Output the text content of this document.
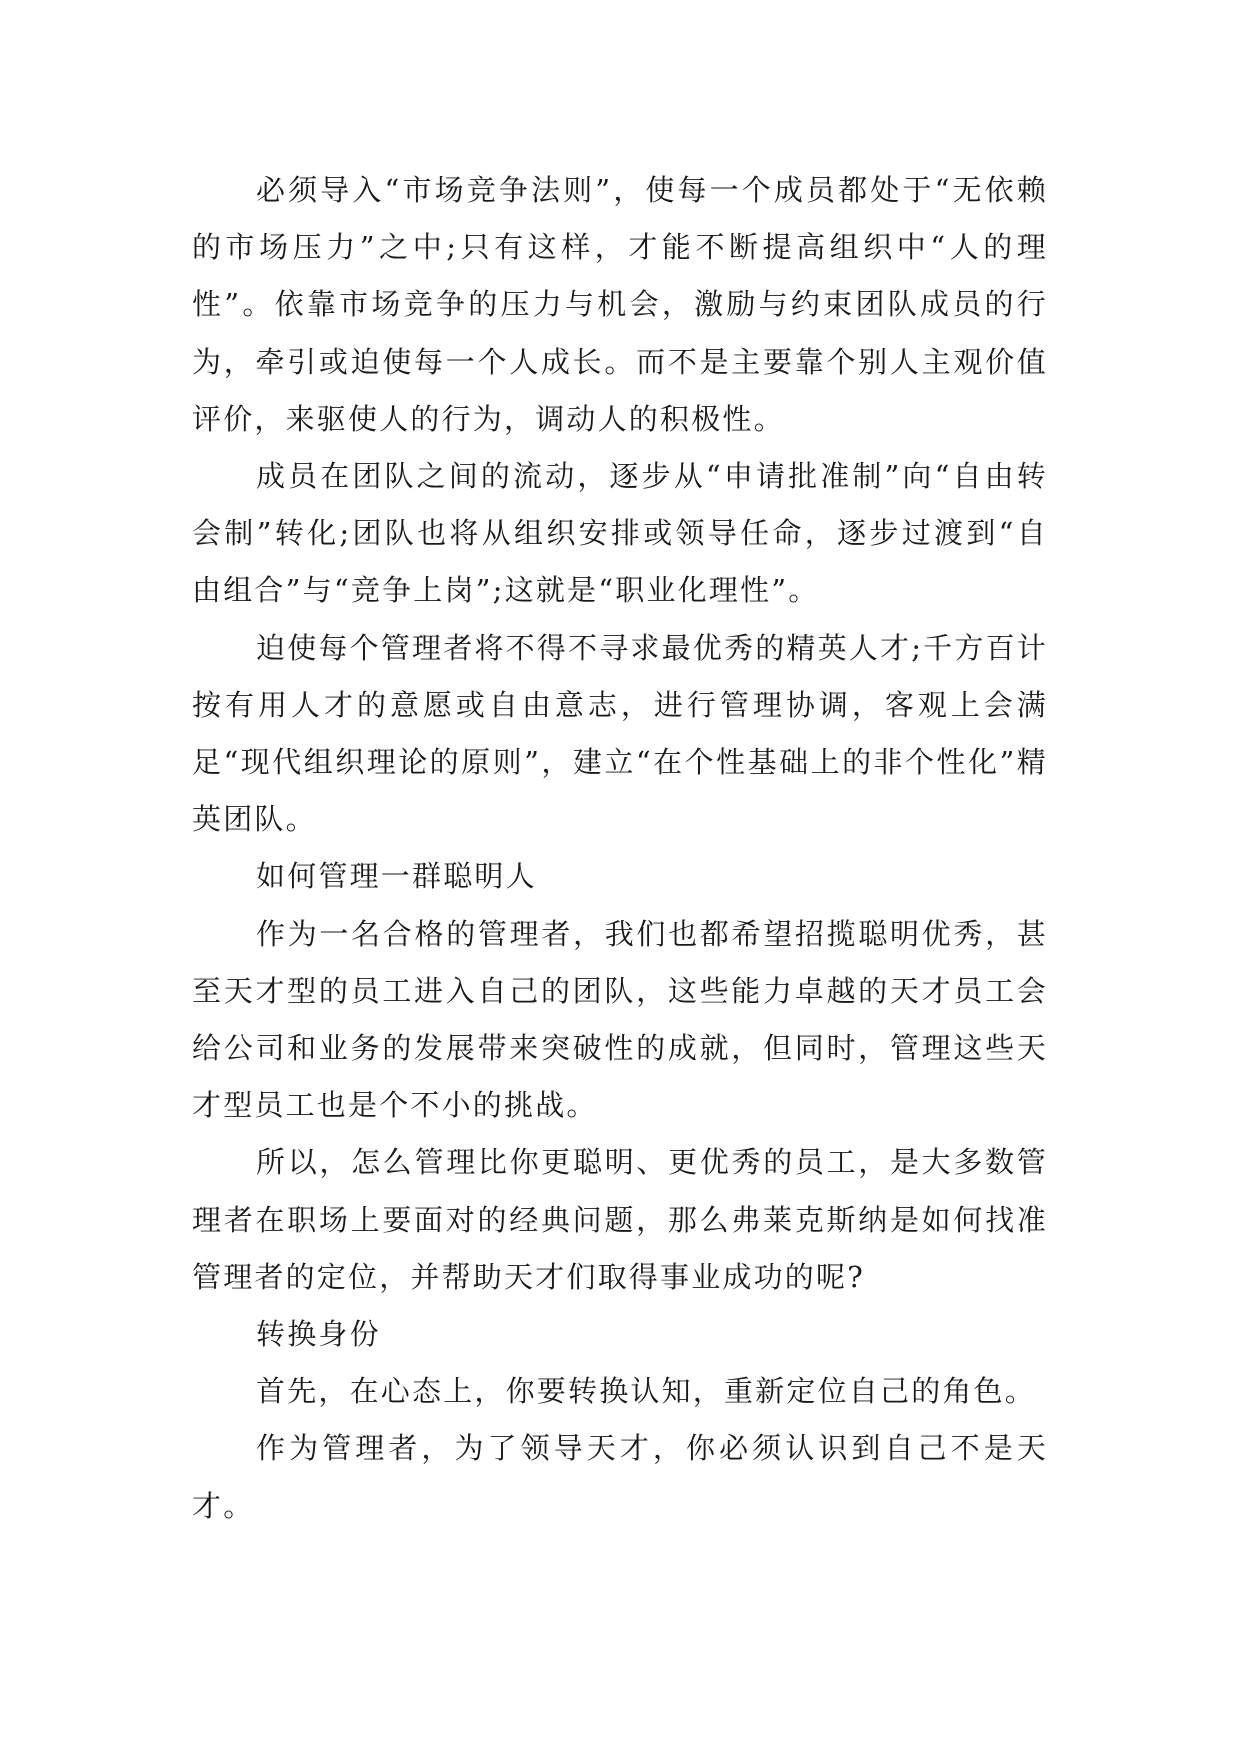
必须导入“市场竞争法则”，使每一个成员都处于“无依赖的市场压力”之中;只有这样，才能不断提高组织中“人的理性”。依靠市场竞争的压力与机会，激励与约束团队成员的行为，牵引或迫使每一个人成长。而不是主要靠个别人主观价值评价，来驱使人的行为，调动人的积极性。

成员在团队之间的流动，逐步从“申请批准制”向“自由转会制”转化;团队也将从组织安排或领导任命，逐步过渡到“自由组合”与“竞争上岗”;这就是“职业化理性”。

迫使每个管理者将不得不寻求最优秀的精英人才;千方百计按有用人才的意愿或自由意志，进行管理协调，客观上会满足“现代组织理论的原则”，建立“在个性基础上的非个性化”精英团队。

如何管理一群聪明人

作为一名合格的管理者，我们也都希望招揽聪明优秀，甚至天才型的员工进入自己的团队，这些能力卓越的天才员工会给公司和业务的发展带来突破性的成就，但同时，管理这些天才型员工也是个不小的挑战。

所以，怎么管理比你更聪明、更优秀的员工，是大多数管理者在职场上要面对的经典问题，那么弗莱克斯纳是如何找准管理者的定位，并帮助天才们取得事业成功的呢?

转换身份

首先，在心态上，你要转换认知，重新定位自己的角色。

作为管理者，为了领导天才，你必须认识到自己不是天才。
